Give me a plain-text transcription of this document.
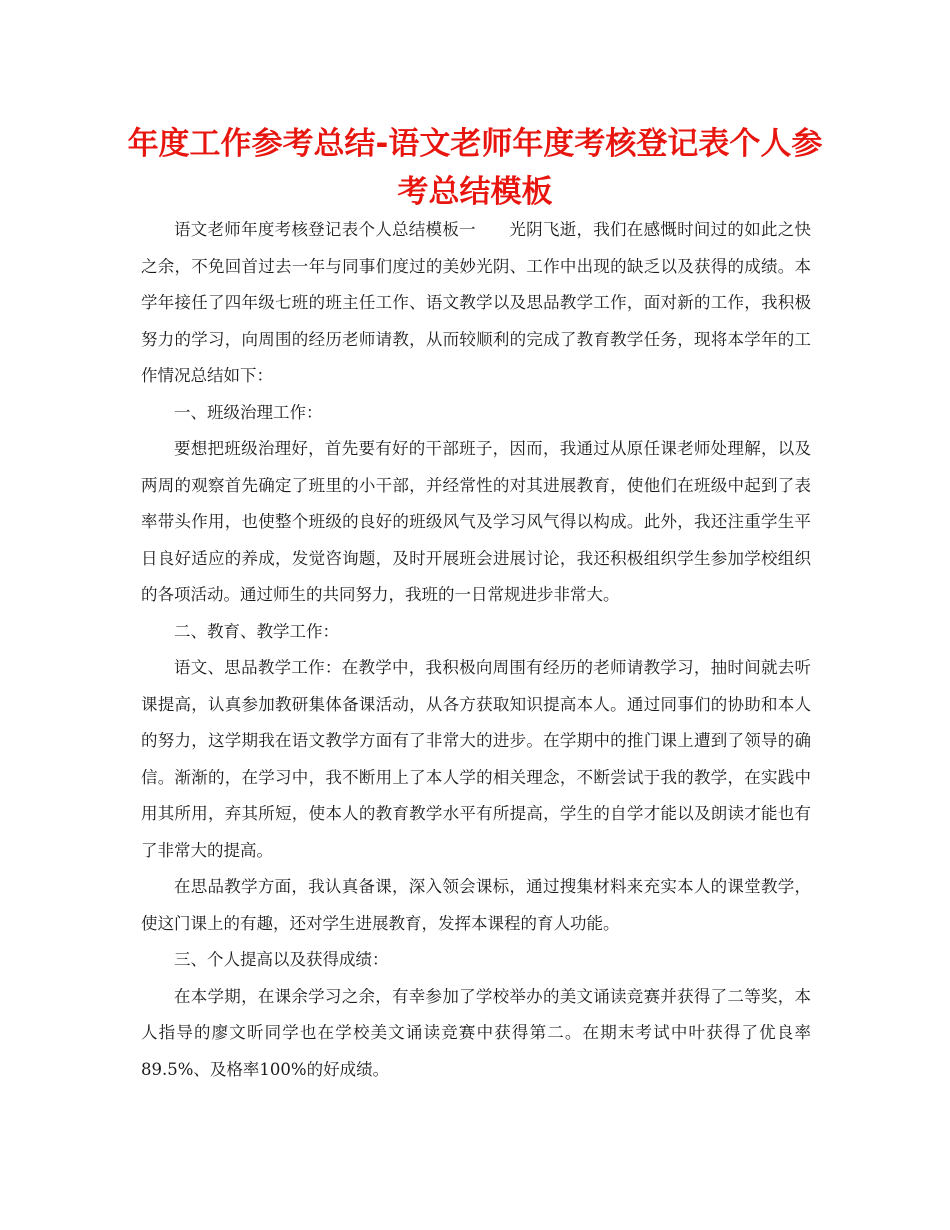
年度工作参考总结-语文老师年度考核登记表个人参考总结模板

语文老师年度考核登记表个人总结模板一　　光阴飞逝，我们在感慨时间过的如此之快之余，不免回首过去一年与同事们度过的美妙光阴、工作中出现的缺乏以及获得的成绩。本学年接任了四年级七班的班主任工作、语文教学以及思品教学工作，面对新的工作，我积极努力的学习，向周围的经历老师请教，从而较顺利的完成了教育教学任务，现将本学年的工作情况总结如下：

一、班级治理工作：

要想把班级治理好，首先要有好的干部班子，因而，我通过从原任课老师处理解，以及两周的观察首先确定了班里的小干部，并经常性的对其进展教育，使他们在班级中起到了表率带头作用，也使整个班级的良好的班级风气及学习风气得以构成。此外，我还注重学生平日良好适应的养成，发觉咨询题，及时开展班会进展讨论，我还积极组织学生参加学校组织的各项活动。通过师生的共同努力，我班的一日常规进步非常大。

二、教育、教学工作：

语文、思品教学工作：在教学中，我积极向周围有经历的老师请教学习，抽时间就去听课提高，认真参加教研集体备课活动，从各方获取知识提高本人。通过同事们的协助和本人的努力，这学期我在语文教学方面有了非常大的进步。在学期中的推门课上遭到了领导的确信。渐渐的，在学习中，我不断用上了本人学的相关理念，不断尝试于我的教学，在实践中用其所用，弃其所短，使本人的教育教学水平有所提高，学生的自学才能以及朗读才能也有了非常大的提高。

在思品教学方面，我认真备课，深入领会课标，通过搜集材料来充实本人的课堂教学，使这门课上的有趣，还对学生进展教育，发挥本课程的育人功能。

三、个人提高以及获得成绩：

在本学期，在课余学习之余，有幸参加了学校举办的美文诵读竞赛并获得了二等奖，本人指导的廖文昕同学也在学校美文诵读竞赛中获得第二。在期末考试中叶获得了优良率89.5%、及格率100%的好成绩。
